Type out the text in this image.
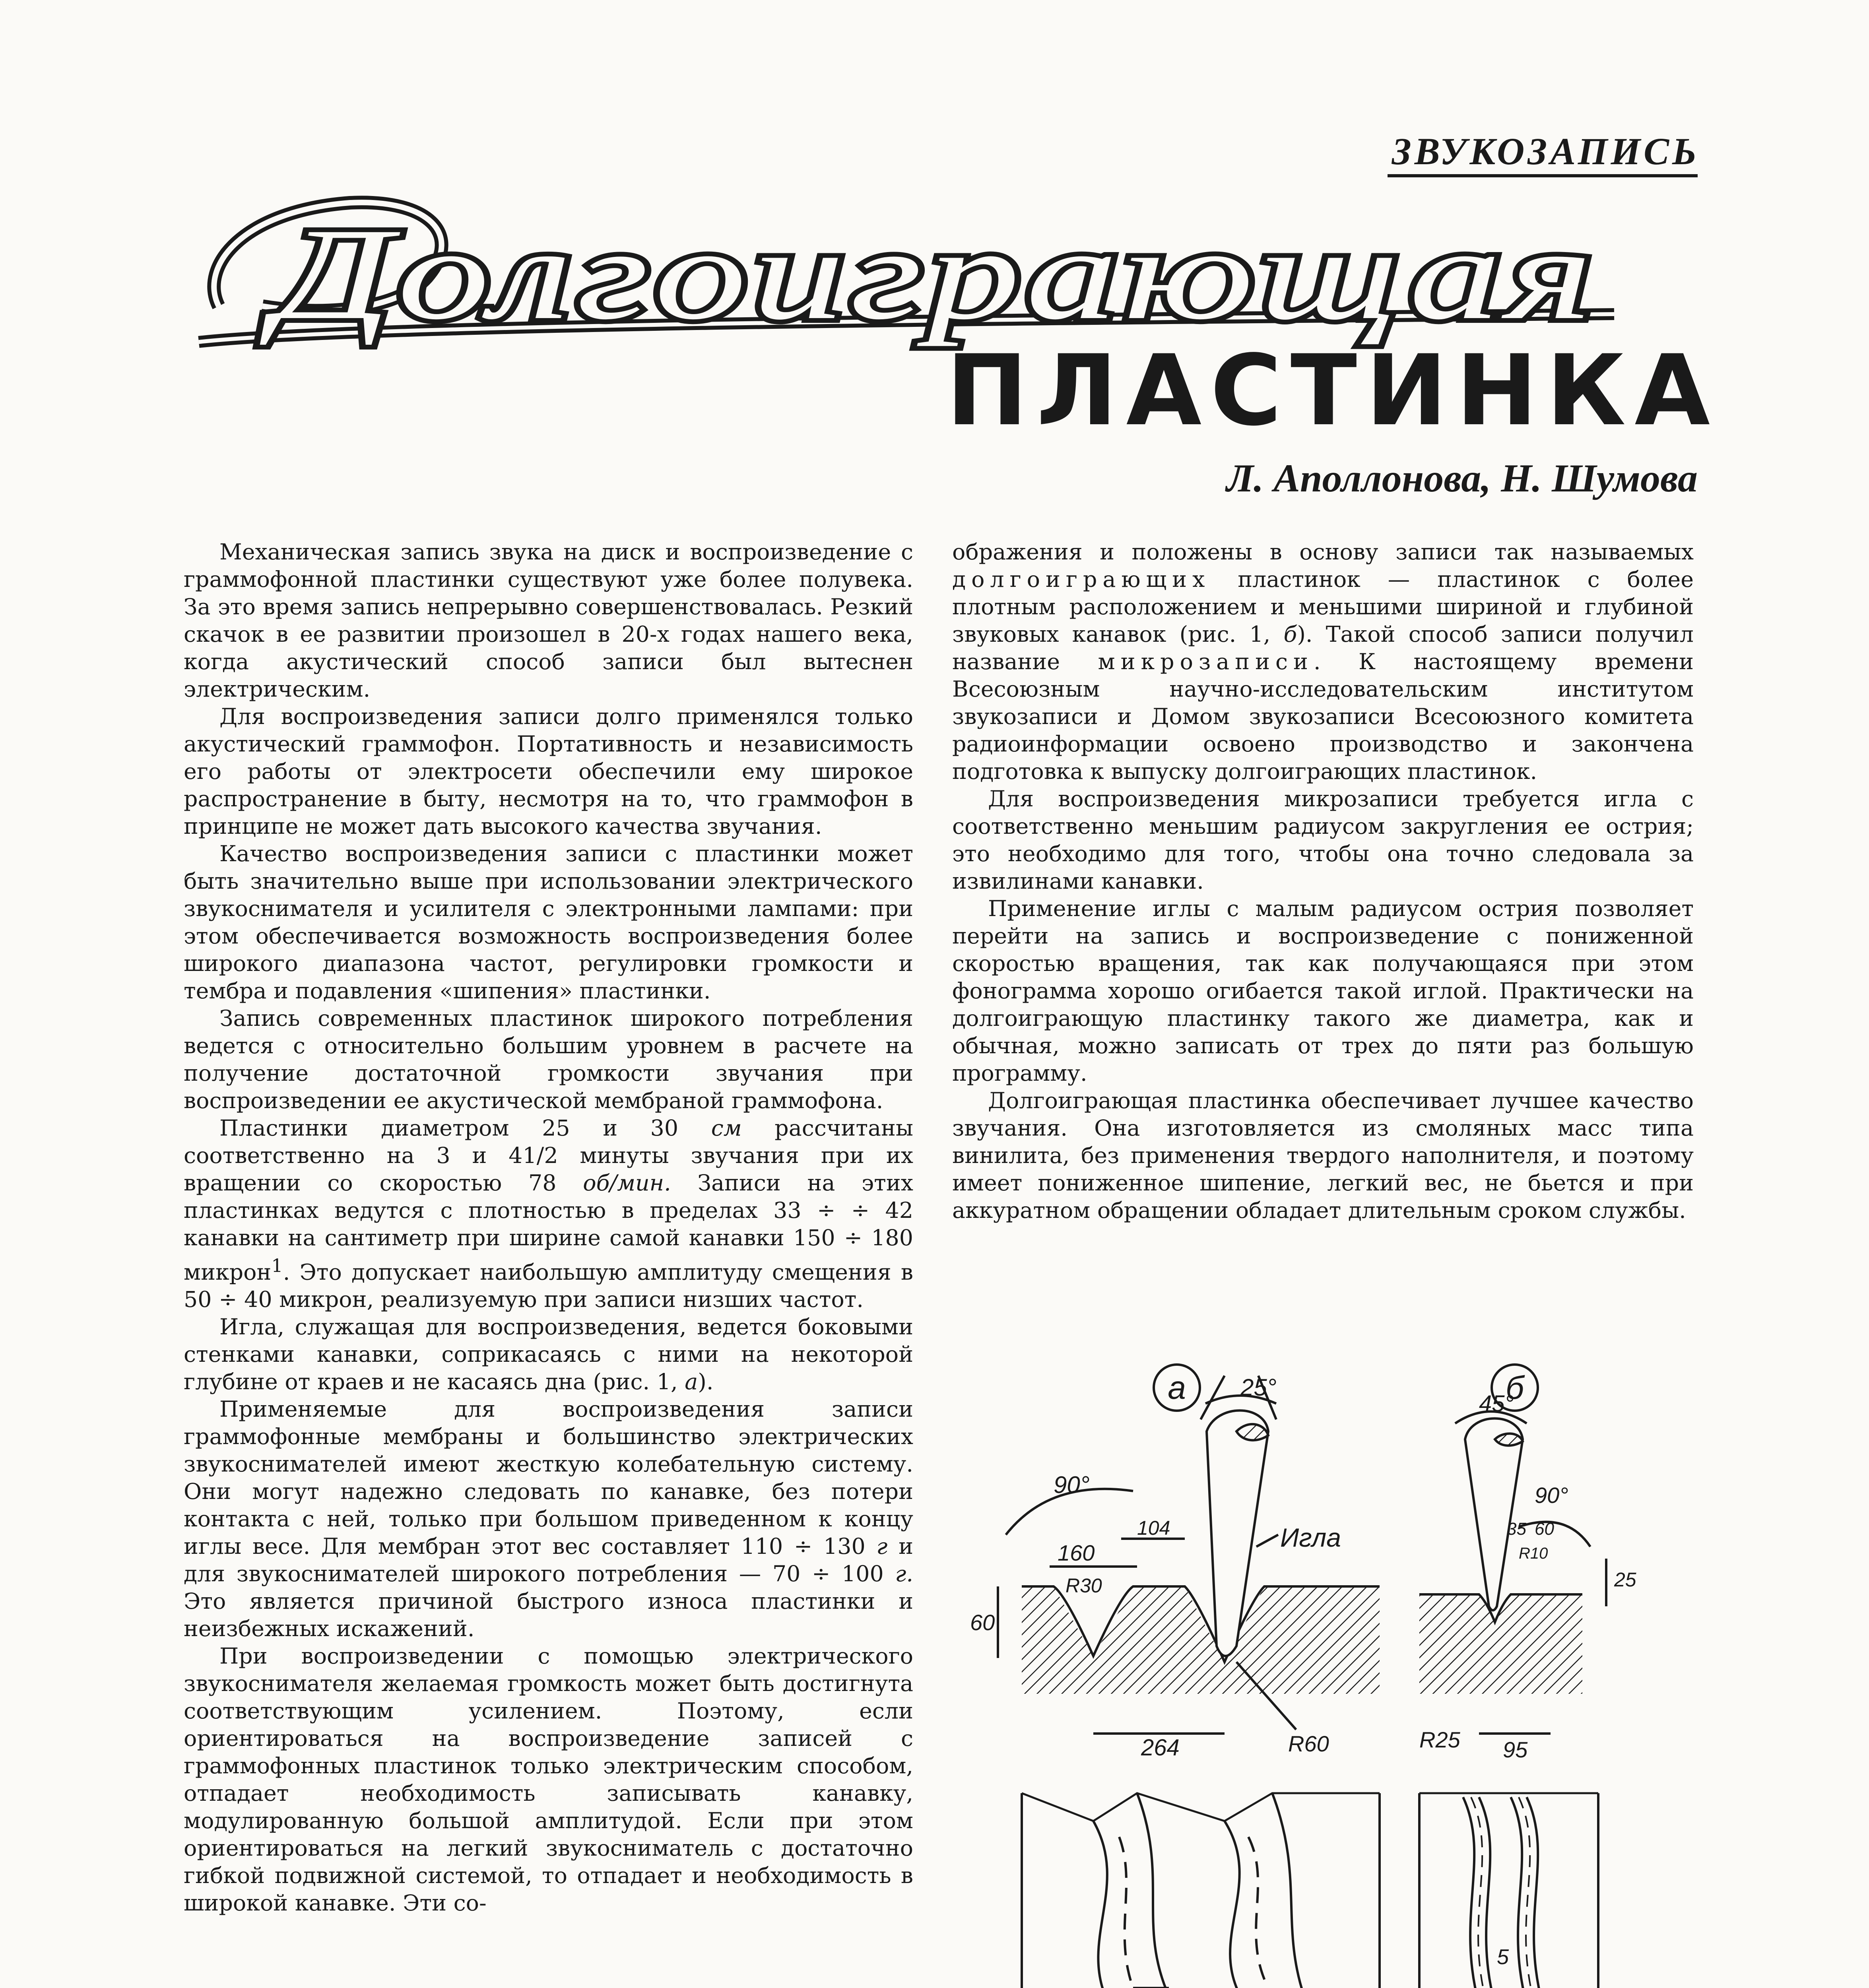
ЗВУКОЗАПИСЬ
Долгоиграющая
ПЛАСТИНКА
Л. Аполлонова, Н. Шумова

Механическая запись звука на диск и воспроизведение с граммофонной пластинки существуют уже более полувека. За это время запись непрерывно совершенствовалась. Резкий скачок в ее развитии произошел в 20-х годах нашего века, когда акустический способ записи был вытеснен электрическим.

Для воспроизведения записи долго применялся только акустический граммофон. Портативность и независимость его работы от электросети обеспечили ему широкое распространение в быту, несмотря на то, что граммофон в принципе не может дать высокого качества звучания.

Качество воспроизведения записи с пластинки может быть значительно выше при использовании электрического звукоснимателя и усилителя с электронными лампами: при этом обеспечивается возможность воспроизведения более широкого диапазона частот, регулировки громкости и тембра и подавления «шипения» пластинки.

Запись современных пластинок широкого потребления ведется с относительно большим уровнем в расчете на получение достаточной громкости звучания при воспроизведении ее акустической мембраной граммофона.

Пластинки диаметром 25 и 30 см рассчитаны соответственно на 3 и 41/2 минуты звучания при их вращении со скоростью 78 об/мин. Записи на этих пластинках ведутся с плотностью в пределах 33 ÷ ÷ 42 канавки на сантиметр при ширине самой канавки 150 ÷ 180 микрон$^1$. Это допускает наибольшую амплитуду смещения в 50 ÷ 40 микрон, реализуемую при записи низших частот.

Игла, служащая для воспроизведения, ведется боковыми стенками канавки, соприкасаясь с ними на некоторой глубине от краев и не касаясь дна (рис. 1, а).

Применяемые для воспроизведения записи граммофонные мембраны и большинство электрических звукоснимателей имеют жесткую колебательную систему. Они могут надежно следовать по канавке, без потери контакта с ней, только при большом приведенном к концу иглы весе. Для мембран этот вес составляет 110 ÷ 130 г и для звукоснимателей широкого потребления — 70 ÷ 100 г. Это является причиной быстрого износа пластинки и неизбежных искажений.

При воспроизведении с помощью электрического звукоснимателя желаемая громкость может быть достигнута соответствующим усилением. Поэтому, если ориентироваться на воспроизведение записей с граммофонных пластинок только электрическим способом, отпадает необходимость записывать канавку, модулированную большой амплитудой. Если при этом ориентироваться на легкий звукосниматель с достаточно гибкой подвижной системой, то отпадает и необходимость в широкой канавке. Эти со-

ображения и положены в основу записи так называемых долгоиграющих пластинок — пластинок с более плотным расположением и меньшими шириной и глубиной звуковых канавок (рис. 1, б). Такой способ записи получил название микрозаписи. К настоящему времени Всесоюзным научно-исследовательским институтом звукозаписи и Домом звукозаписи Всесоюзного комитета радиоинформации освоено производство и закончена подготовка к выпуску долгоиграющих пластинок.

Для воспроизведения микрозаписи требуется игла с соответственно меньшим радиусом закругления ее острия; это необходимо для того, чтобы она точно следовала за извилинами канавки.

Применение иглы с малым радиусом острия позволяет перейти на запись и воспроизведение с пониженной скоростью вращения, так как получающаяся при этом фонограмма хорошо огибается такой иглой. Практически на долгоиграющую пластинку такого же диаметра, как и обычная, можно записать от трех до пяти раз большую программу.

Долгоиграющая пластинка обеспечивает лучшее качество звучания. Она изготовляется из смоляных масс типа винилита, без применения твердого наполнителя, и поэтому имеет пониженное шипение, легкий вес, не бьется и при аккуратном обращении обладает длительным сроком службы.

а 25°
90°
Игла
160
R30
104
60
264	R60
б
45°
90°
35 60
R10
25
R25 95
5
